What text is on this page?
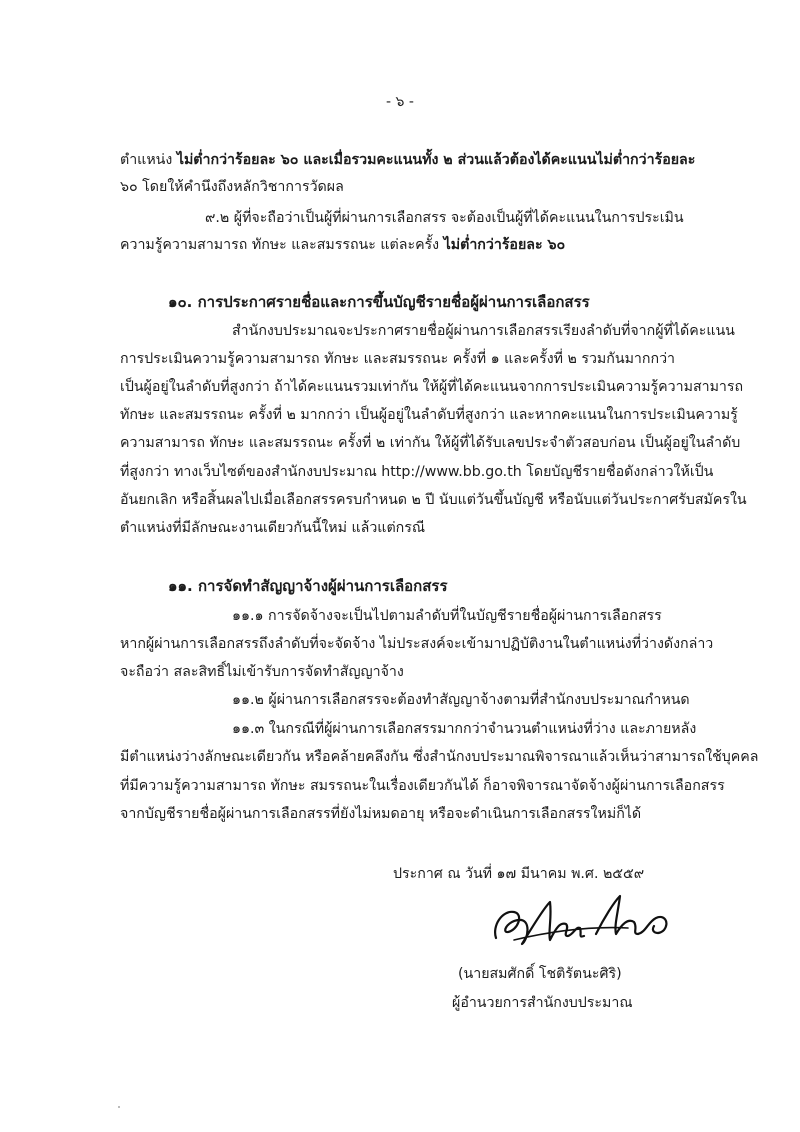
- ๖ -
ตำแหน่ง ไม่ต่ำกว่าร้อยละ ๖๐ และเมื่อรวมคะแนนทั้ง ๒ ส่วนแล้วต้องได้คะแนนไม่ต่ำกว่าร้อยละ
๖๐ โดยให้คำนึงถึงหลักวิชาการวัดผล
๙.๒ ผู้ที่จะถือว่าเป็นผู้ที่ผ่านการเลือกสรร จะต้องเป็นผู้ที่ได้คะแนนในการประเมิน
ความรู้ความสามารถ ทักษะ และสมรรถนะ แต่ละครั้ง ไม่ต่ำกว่าร้อยละ ๖๐
๑๐. การประกาศรายชื่อและการขึ้นบัญชีรายชื่อผู้ผ่านการเลือกสรร
สำนักงบประมาณจะประกาศรายชื่อผู้ผ่านการเลือกสรรเรียงลำดับที่จากผู้ที่ได้คะแนน
การประเมินความรู้ความสามารถ ทักษะ และสมรรถนะ ครั้งที่ ๑ และครั้งที่ ๒ รวมกันมากกว่า
เป็นผู้อยู่ในลำดับที่สูงกว่า ถ้าได้คะแนนรวมเท่ากัน ให้ผู้ที่ได้คะแนนจากการประเมินความรู้ความสามารถ
ทักษะ และสมรรถนะ ครั้งที่ ๒ มากกว่า เป็นผู้อยู่ในลำดับที่สูงกว่า และหากคะแนนในการประเมินความรู้
ความสามารถ ทักษะ และสมรรถนะ ครั้งที่ ๒ เท่ากัน ให้ผู้ที่ได้รับเลขประจำตัวสอบก่อน เป็นผู้อยู่ในลำดับ
ที่สูงกว่า ทางเว็บไซต์ของสำนักงบประมาณ http://www.bb.go.th โดยบัญชีรายชื่อดังกล่าวให้เป็น
อันยกเลิก หรือสิ้นผลไปเมื่อเลือกสรรครบกำหนด ๒ ปี นับแต่วันขึ้นบัญชี หรือนับแต่วันประกาศรับสมัครใน
ตำแหน่งที่มีลักษณะงานเดียวกันนี้ใหม่ แล้วแต่กรณี
๑๑. การจัดทำสัญญาจ้างผู้ผ่านการเลือกสรร
๑๑.๑ การจัดจ้างจะเป็นไปตามลำดับที่ในบัญชีรายชื่อผู้ผ่านการเลือกสรร
หากผู้ผ่านการเลือกสรรถึงลำดับที่จะจัดจ้าง ไม่ประสงค์จะเข้ามาปฏิบัติงานในตำแหน่งที่ว่างดังกล่าว
จะถือว่า สละสิทธิ์ไม่เข้ารับการจัดทำสัญญาจ้าง
๑๑.๒ ผู้ผ่านการเลือกสรรจะต้องทำสัญญาจ้างตามที่สำนักงบประมาณกำหนด
๑๑.๓ ในกรณีที่ผู้ผ่านการเลือกสรรมากกว่าจำนวนตำแหน่งที่ว่าง และภายหลัง
มีตำแหน่งว่างลักษณะเดียวกัน หรือคล้ายคลึงกัน ซึ่งสำนักงบประมาณพิจารณาแล้วเห็นว่าสามารถใช้บุคคล
ที่มีความรู้ความสามารถ ทักษะ สมรรถนะในเรื่องเดียวกันได้ ก็อาจพิจารณาจัดจ้างผู้ผ่านการเลือกสรร
จากบัญชีรายชื่อผู้ผ่านการเลือกสรรที่ยังไม่หมดอายุ หรือจะดำเนินการเลือกสรรใหม่ก็ได้
ประกาศ ณ วันที่ ๑๗ มีนาคม พ.ศ. ๒๕๕๙
(นายสมศักดิ์ โชติรัตนะศิริ)
ผู้อำนวยการสำนักงบประมาณ
